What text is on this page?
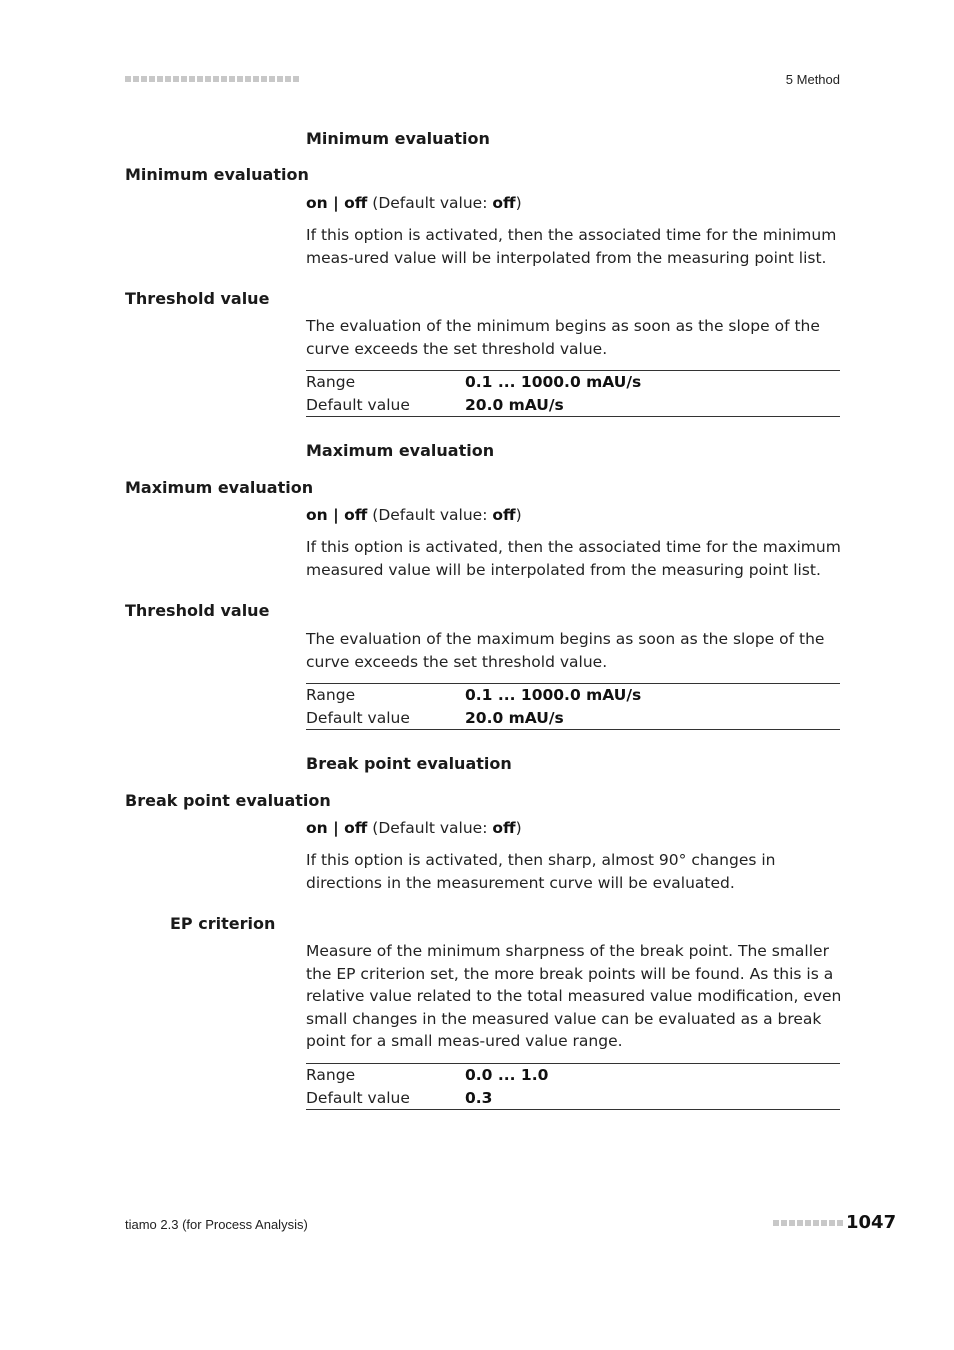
5 Method
Minimum evaluation
Minimum evaluation
on | off (Default value: off)
If this option is activated, then the associated time for the minimum meas-ured value will be interpolated from the measuring point list.
Threshold value
The evaluation of the minimum begins as soon as the slope of the curve exceeds the set threshold value.
Range	0.1 ... 1000.0 mAU/s
Default value	20.0 mAU/s
Maximum evaluation
Maximum evaluation
on | off (Default value: off)
If this option is activated, then the associated time for the maximum measured value will be interpolated from the measuring point list.
Threshold value
The evaluation of the maximum begins as soon as the slope of the curve exceeds the set threshold value.
Range	0.1 ... 1000.0 mAU/s
Default value	20.0 mAU/s
Break point evaluation
Break point evaluation
on | off (Default value: off)
If this option is activated, then sharp, almost 90° changes in directions in the measurement curve will be evaluated.
EP criterion
Measure of the minimum sharpness of the break point. The smaller the EP criterion set, the more break points will be found. As this is a relative value related to the total measured value modification, even small changes in the measured value can be evaluated as a break point for a small meas-ured value range.
Range	0.0 ... 1.0
Default value	0.3
tiamo 2.3 (for Process Analysis)	1047
